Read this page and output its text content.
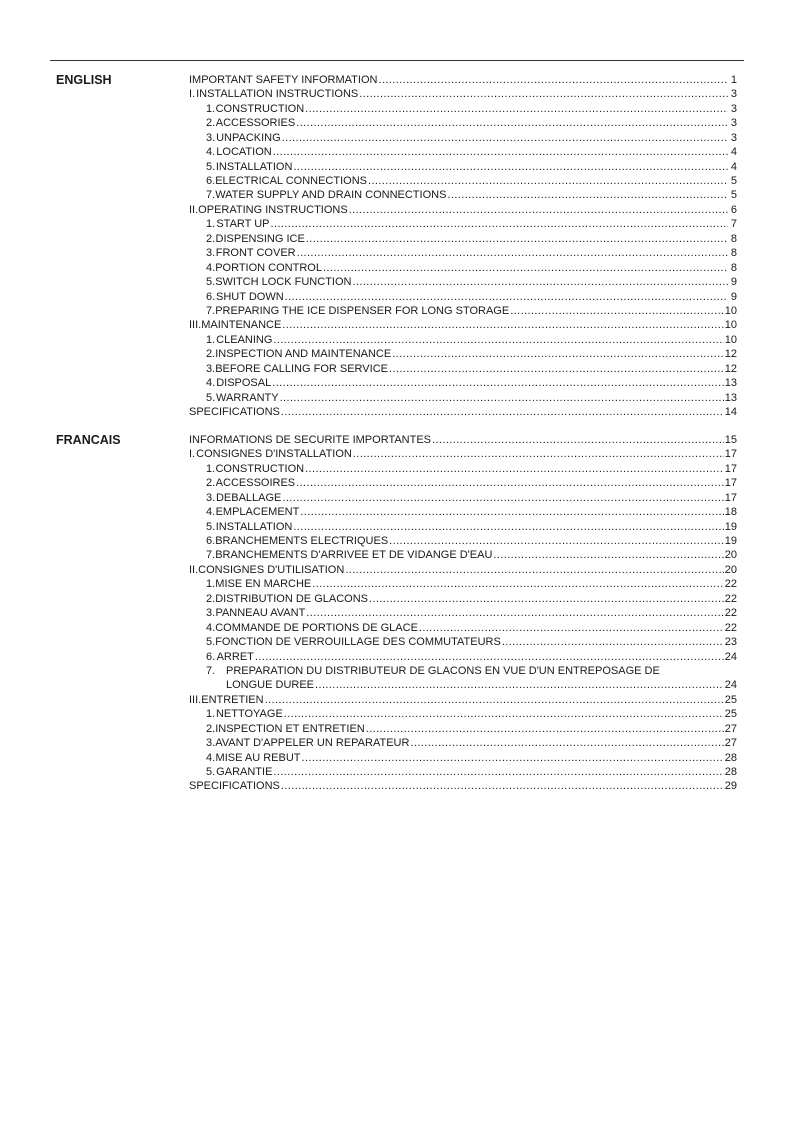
ENGLISH	IMPORTANT SAFETY INFORMATION .....	1
I. INSTALLATION INSTRUCTIONS .....	3
1. CONSTRUCTION .....	3
2. ACCESSORIES .....	3
3. UNPACKING .....	3
4. LOCATION .....	4
5. INSTALLATION .....	4
6. ELECTRICAL CONNECTIONS .....	5
7. WATER SUPPLY AND DRAIN CONNECTIONS .....	5
II. OPERATING INSTRUCTIONS .....	6
1. START UP .....	7
2. DISPENSING ICE .....	8
3. FRONT COVER .....	8
4. PORTION CONTROL .....	8
5. SWITCH LOCK FUNCTION .....	9
6. SHUT DOWN .....	9
7. PREPARING THE ICE DISPENSER FOR LONG STORAGE .....	10
III. MAINTENANCE .....	10
1. CLEANING .....	10
2. INSPECTION AND MAINTENANCE .....	12
3. BEFORE CALLING FOR SERVICE .....	12
4. DISPOSAL .....	13
5. WARRANTY .....	13
SPECIFICATIONS .....	14
FRANCAIS	INFORMATIONS DE SECURITE IMPORTANTES .....	15
I. CONSIGNES D'INSTALLATION .....	17
1. CONSTRUCTION .....	17
2. ACCESSOIRES .....	17
3. DEBALLAGE .....	17
4. EMPLACEMENT .....	18
5. INSTALLATION .....	19
6. BRANCHEMENTS ELECTRIQUES .....	19
7. BRANCHEMENTS D'ARRIVEE ET DE VIDANGE D'EAU .....	20
II. CONSIGNES D'UTILISATION .....	20
1. MISE EN MARCHE .....	22
2. DISTRIBUTION DE GLACONS .....	22
3. PANNEAU AVANT .....	22
4. COMMANDE DE PORTIONS DE GLACE .....	22
5. FONCTION DE VERROUILLAGE DES COMMUTATEURS .....	23
6. ARRET .....	24
7. PREPARATION DU DISTRIBUTEUR DE GLACONS EN VUE D'UN ENTREPOSAGE DE
LONGUE DUREE .....	24
III. ENTRETIEN .....	25
1. NETTOYAGE .....	25
2. INSPECTION ET ENTRETIEN .....	27
3. AVANT D'APPELER UN REPARATEUR .....	27
4. MISE AU REBUT .....	28
5. GARANTIE .....	28
SPECIFICATIONS .....	29
